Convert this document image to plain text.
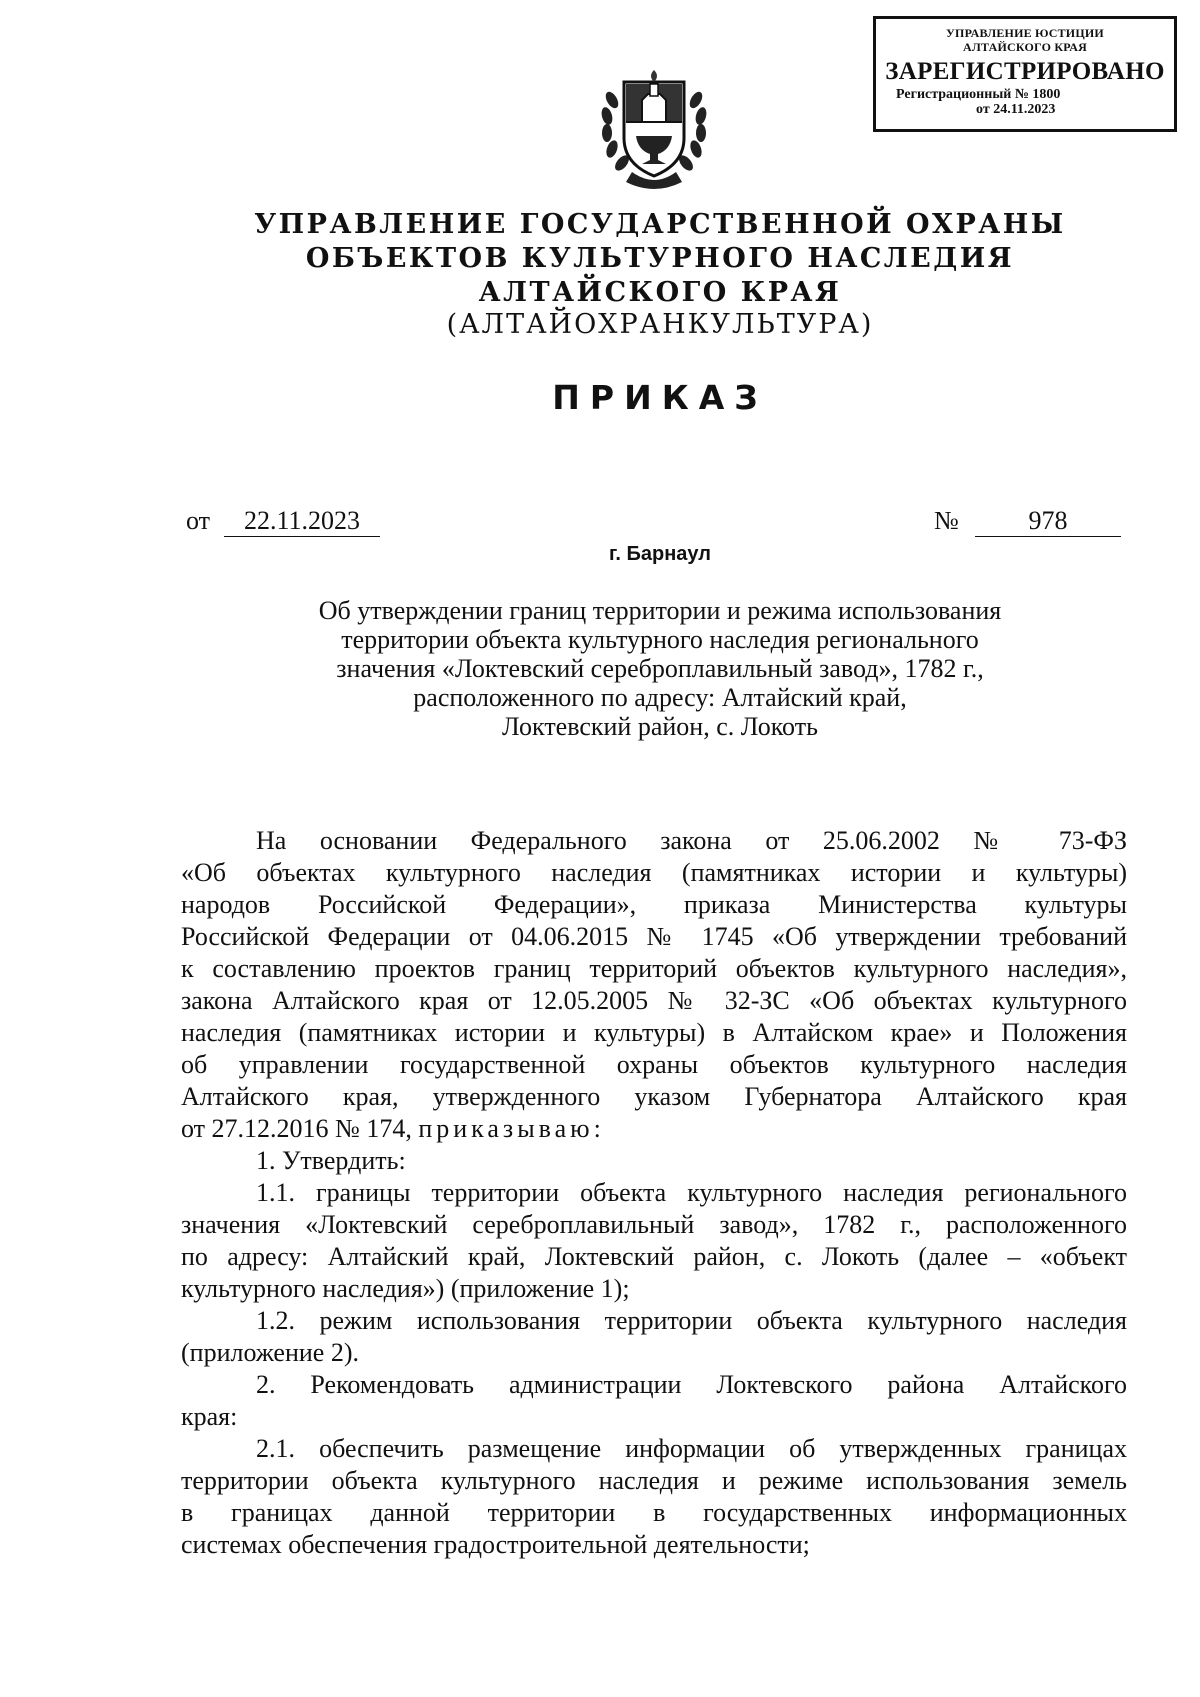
УПРАВЛЕНИЕ ЮСТИЦИИ
АЛТАЙСКОГО КРАЯ
ЗАРЕГИСТРИРОВАНО
Регистрационный № 1800
от 24.11.2023
УПРАВЛЕНИЕ ГОСУДАРСТВЕННОЙ ОХРАНЫ
ОБЪЕКТОВ КУЛЬТУРНОГО НАСЛЕДИЯ
АЛТАЙСКОГО КРАЯ
(АЛТАЙОХРАНКУЛЬТУРА)
ПРИКАЗ
от	22.11.2023	№	978
г. Барнаул
Об утверждении границ территории и режима использования
территории объекта культурного наследия регионального
значения «Локтевский сереброплавильный завод», 1782 г.,
расположенного по адресу: Алтайский край,
Локтевский район, с. Локоть

На основании Федерального закона от 25.06.2002 № 73-ФЗ
«Об объектах культурного наследия (памятниках истории и культуры)
народов Российской Федерации», приказа Министерства культуры
Российской Федерации от 04.06.2015 № 1745 «Об утверждении требований
к составлению проектов границ территорий объектов культурного наследия»,
закона Алтайского края от 12.05.2005 № 32-ЗС «Об объектах культурного
наследия (памятниках истории и культуры) в Алтайском крае» и Положения
об управлении государственной охраны объектов культурного наследия
Алтайского края, утвержденного указом Губернатора Алтайского края
от 27.12.2016 № 174, приказываю:

1. Утвердить:

1.1. границы территории объекта культурного наследия регионального
значения «Локтевский сереброплавильный завод», 1782 г., расположенного
по адресу: Алтайский край, Локтевский район, с. Локоть (далее – «объект
культурного наследия») (приложение 1);

1.2. режим использования территории объекта культурного наследия
(приложение 2).

2. Рекомендовать администрации Локтевского района Алтайского
края:

2.1. обеспечить размещение информации об утвержденных границах
территории объекта культурного наследия и режиме использования земель
в границах данной территории в государственных информационных
системах обеспечения градостроительной деятельности;
